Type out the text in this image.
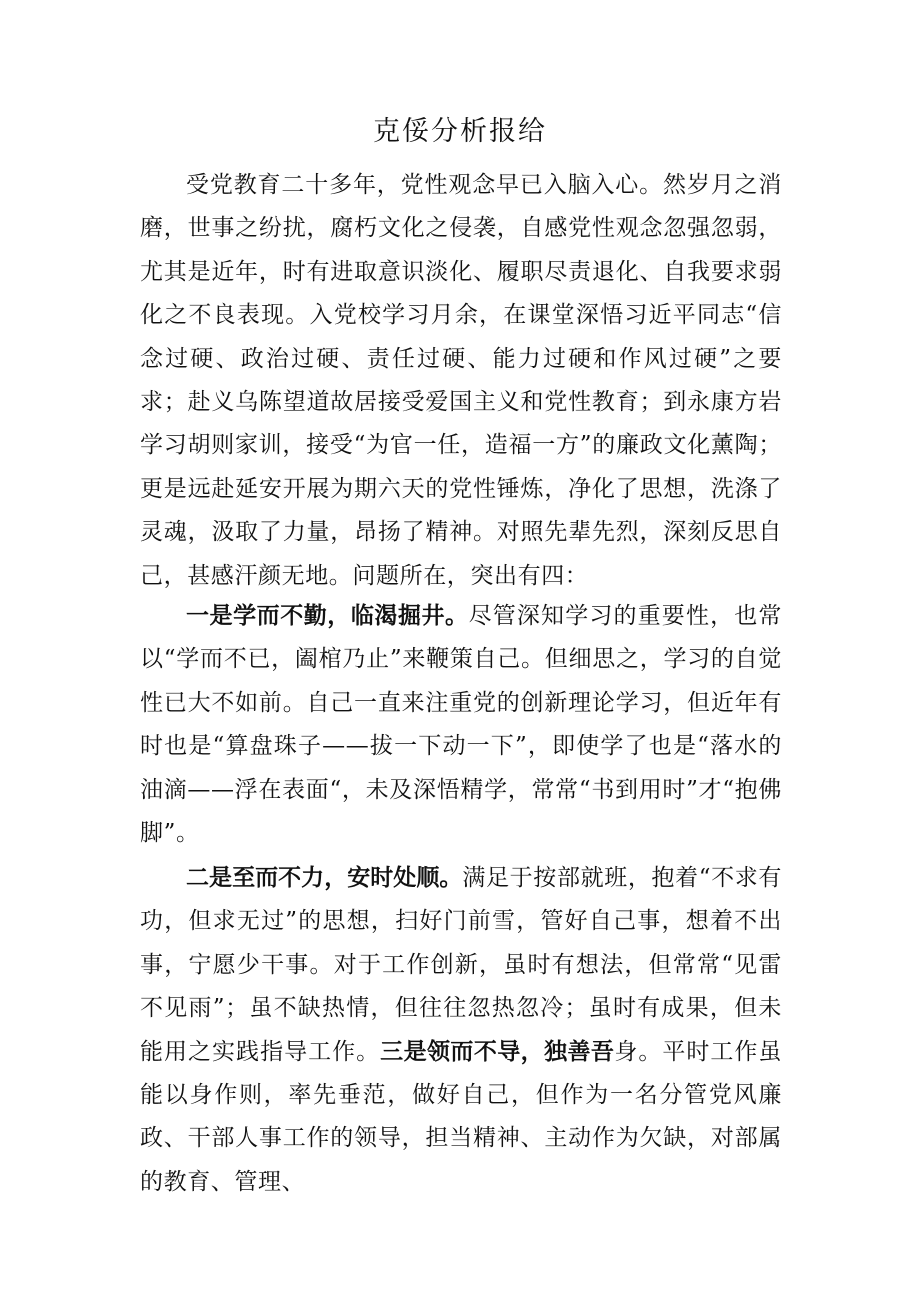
克俀分析报给

受党教育二十多年，党性观念早已入脑入心。然岁月之消磨，世事之纷扰，腐朽文化之侵袭，自感党性观念忽强忽弱，尤其是近年，时有进取意识淡化、履职尽责退化、自我要求弱化之不良表现。入党校学习月余，在课堂深悟习近平同志“信念过硬、政治过硬、责任过硬、能力过硬和作风过硬”之要求；赴义乌陈望道故居接受爱国主义和党性教育；到永康方岩学习胡则家训，接受“为官一任，造福一方”的廉政文化薰陶；更是远赴延安开展为期六天的党性锤炼，净化了思想，洗涤了灵魂，汲取了力量，昂扬了精神。对照先辈先烈，深刻反思自己，甚感汗颜无地。问题所在，突出有四：

一是学而不勤，临渴掘井。尽管深知学习的重要性，也常以“学而不已，阖棺乃止”来鞭策自己。但细思之，学习的自觉性已大不如前。自己一直来注重党的创新理论学习，但近年有时也是“算盘珠子——拔一下动一下”，即使学了也是“落水的油滴——浮在表面“，未及深悟精学，常常“书到用时”才“抱佛脚”。

二是至而不力，安时处顺。满足于按部就班，抱着“不求有功，但求无过”的思想，扫好门前雪，管好自己事，想着不出事，宁愿少干事。对于工作创新，虽时有想法，但常常“见雷不见雨”；虽不缺热情，但往往忽热忽冷；虽时有成果，但未能用之实践指导工作。三是领而不导，独善吾身。平时工作虽能以身作则，率先垂范，做好自己，但作为一名分管党风廉政、干部人事工作的领导，担当精神、主动作为欠缺，对部属的教育、管理、
